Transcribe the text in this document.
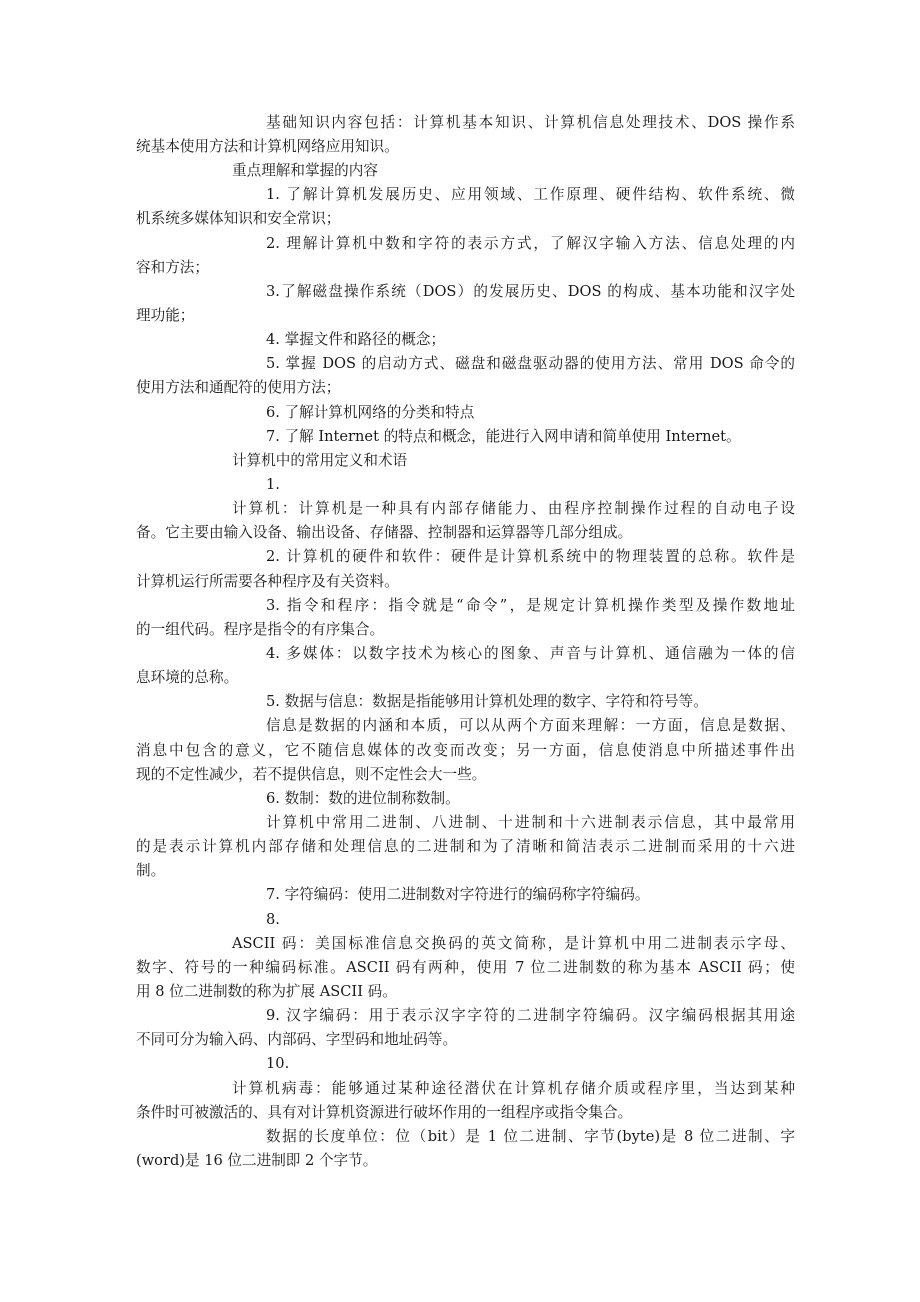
基础知识内容包括：计算机基本知识、计算机信息处理技术、DOS 操作系
统基本使用方法和计算机网络应用知识。
重点理解和掌握的内容
1. 了解计算机发展历史、应用领域、工作原理、硬件结构、软件系统、微
机系统多媒体知识和安全常识；
2. 理解计算机中数和字符的表示方式，了解汉字输入方法、信息处理的内
容和方法；
3.了解磁盘操作系统（DOS）的发展历史、DOS 的构成、基本功能和汉字处
理功能；
4. 掌握文件和路径的概念；
5. 掌握 DOS 的启动方式、磁盘和磁盘驱动器的使用方法、常用 DOS 命令的
使用方法和通配符的使用方法；
6. 了解计算机网络的分类和特点
7. 了解 Internet 的特点和概念，能进行入网申请和简单使用 Internet。
计算机中的常用定义和术语
1.
计算机：计算机是一种具有内部存储能力、由程序控制操作过程的自动电子设
备。它主要由输入设备、输出设备、存储器、控制器和运算器等几部分组成。
2. 计算机的硬件和软件：硬件是计算机系统中的物理装置的总称。软件是
计算机运行所需要各种程序及有关资料。
3. 指令和程序：指令就是“命令”，是规定计算机操作类型及操作数地址
的一组代码。程序是指令的有序集合。
4. 多媒体：以数字技术为核心的图象、声音与计算机、通信融为一体的信
息环境的总称。
5. 数据与信息：数据是指能够用计算机处理的数字、字符和符号等。
信息是数据的内涵和本质，可以从两个方面来理解：一方面，信息是数据、
消息中包含的意义，它不随信息媒体的改变而改变；另一方面，信息使消息中所描述事件出
现的不定性减少，若不提供信息，则不定性会大一些。
6. 数制：数的进位制称数制。
计算机中常用二进制、八进制、十进制和十六进制表示信息，其中最常用
的是表示计算机内部存储和处理信息的二进制和为了清晰和简洁表示二进制而采用的十六进
制。
7. 字符编码：使用二进制数对字符进行的编码称字符编码。
8.
ASCII 码：美国标准信息交换码的英文简称，是计算机中用二进制表示字母、
数字、符号的一种编码标准。ASCII 码有两种，使用 7 位二进制数的称为基本 ASCII 码；使
用 8 位二进制数的称为扩展 ASCII 码。
9. 汉字编码：用于表示汉字字符的二进制字符编码。汉字编码根据其用途
不同可分为输入码、内部码、字型码和地址码等。
10.
计算机病毒：能够通过某种途径潜伏在计算机存储介质或程序里，当达到某种
条件时可被激活的、具有对计算机资源进行破坏作用的一组程序或指令集合。
数据的长度单位：位（bit）是 1 位二进制、字节(byte)是 8 位二进制、字
(word)是 16 位二进制即 2 个字节。
